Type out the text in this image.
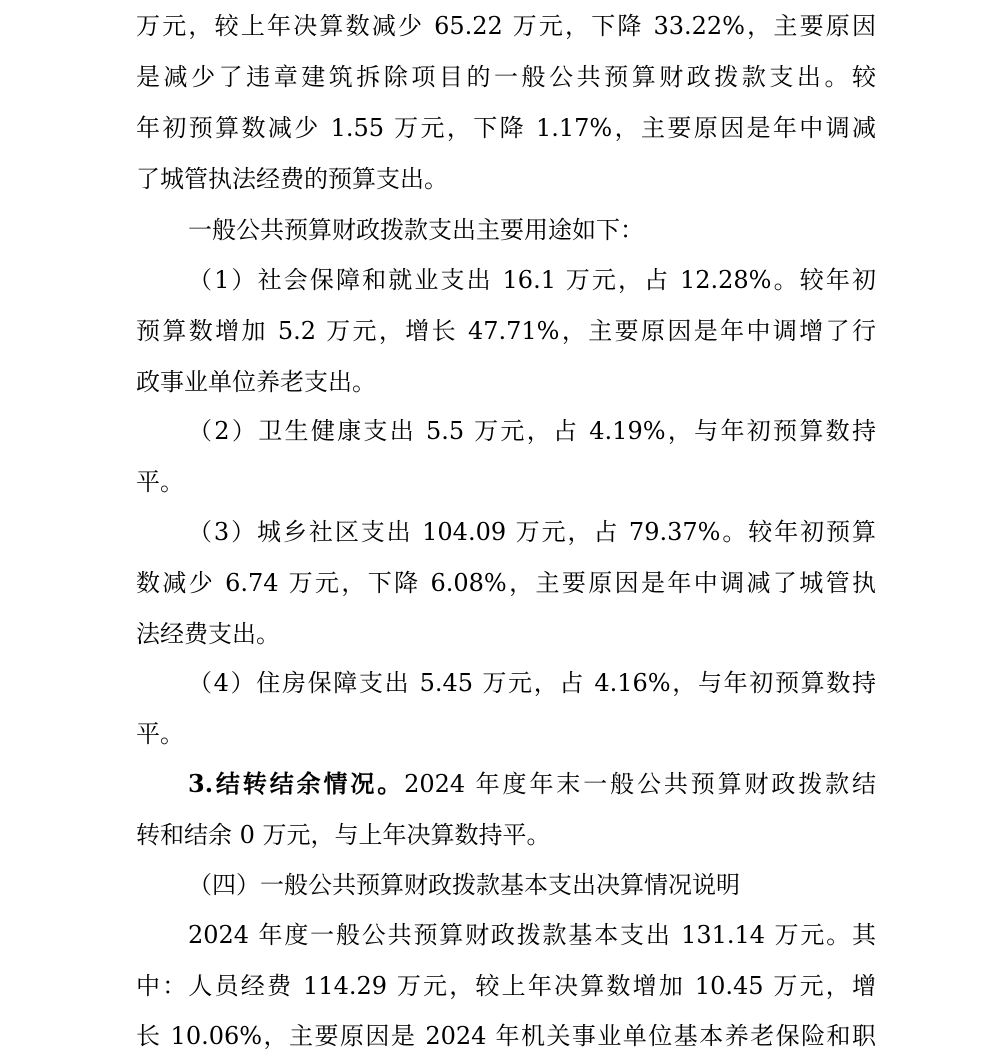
万元，较上年决算数减少 65.22 万元，下降 33.22%，主要原因
是减少了违章建筑拆除项目的一般公共预算财政拨款支出。较
年初预算数减少 1.55 万元，下降 1.17%，主要原因是年中调减
了城管执法经费的预算支出。
一般公共预算财政拨款支出主要用途如下：
（1）社会保障和就业支出 16.1 万元，占 12.28%。较年初
预算数增加 5.2 万元，增长 47.71%，主要原因是年中调增了行
政事业单位养老支出。
（2）卫生健康支出 5.5 万元，占 4.19%，与年初预算数持
平。
（3）城乡社区支出 104.09 万元，占 79.37%。较年初预算
数减少 6.74 万元，下降 6.08%，主要原因是年中调减了城管执
法经费支出。
（4）住房保障支出 5.45 万元，占 4.16%，与年初预算数持
平。
3.结转结余情况。2024 年度年末一般公共预算财政拨款结
转和结余 0 万元，与上年决算数持平。
（四）一般公共预算财政拨款基本支出决算情况说明
2024 年度一般公共预算财政拨款基本支出 131.14 万元。其
中：人员经费 114.29 万元，较上年决算数增加 10.45 万元，增
长 10.06%，主要原因是 2024 年机关事业单位基本养老保险和职
